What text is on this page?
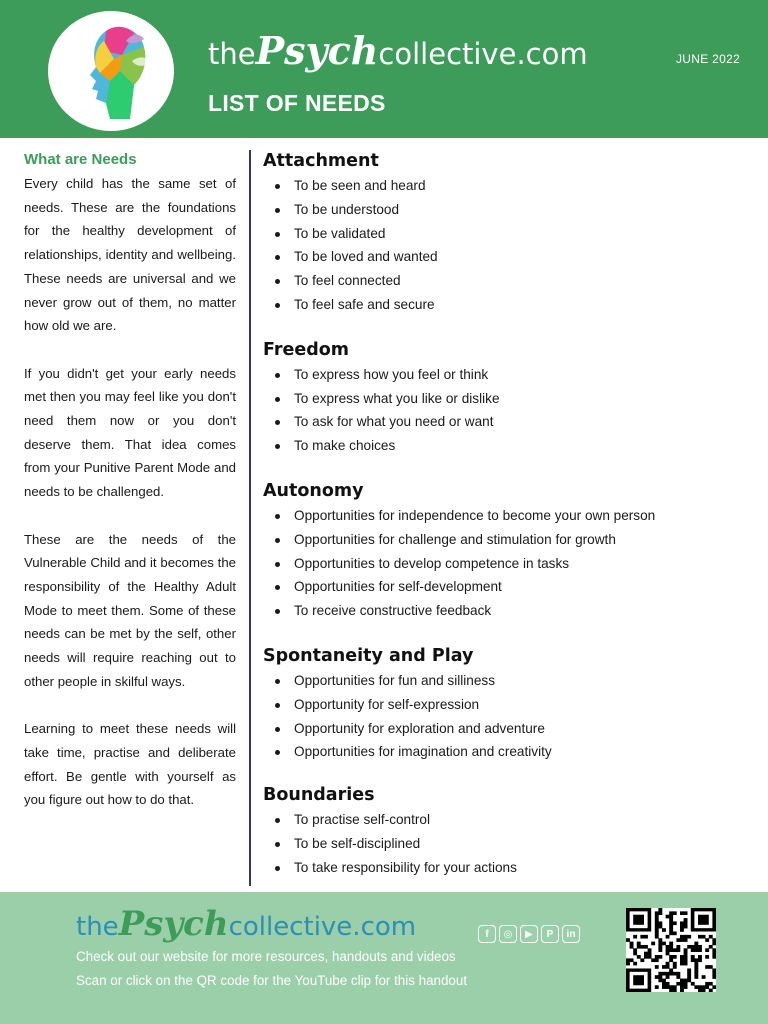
thePsychcollective.com
LIST OF NEEDS
JUNE 2022
What are Needs

Every child has the same set of needs. These are the foundations for the healthy development of relationships, identity and wellbeing. These needs are universal and we never grow out of them, no matter how old we are.

If you didn't get your early needs met then you may feel like you don't need them now or you don't deserve them. That idea comes from your Punitive Parent Mode and needs to be challenged.

These are the needs of the Vulnerable Child and it becomes the responsibility of the Healthy Adult Mode to meet them. Some of these needs can be met by the self, other needs will require reaching out to other people in skilful ways.

Learning to meet these needs will take time, practise and deliberate effort. Be gentle with yourself as you figure out how to do that.

Attachment
To be seen and heard
To be understood
To be validated
To be loved and wanted
To feel connected
To feel safe and secure
Freedom
To express how you feel or think
To express what you like or dislike
To ask for what you need or want
To make choices
Autonomy
Opportunities for independence to become your own person
Opportunities for challenge and stimulation for growth
Opportunities to develop competence in tasks
Opportunities for self-development
To receive constructive feedback
Spontaneity and Play
Opportunities for fun and silliness
Opportunity for self-expression
Opportunity for exploration and adventure
Opportunities for imagination and creativity
Boundaries
To practise self-control
To be self-disciplined
To take responsibility for your actions
thePsychcollective.com
Check out our website for more resources, handouts and videos
Scan or click on the QR code for the YouTube clip for this handout
f	◎	▶	P	in
